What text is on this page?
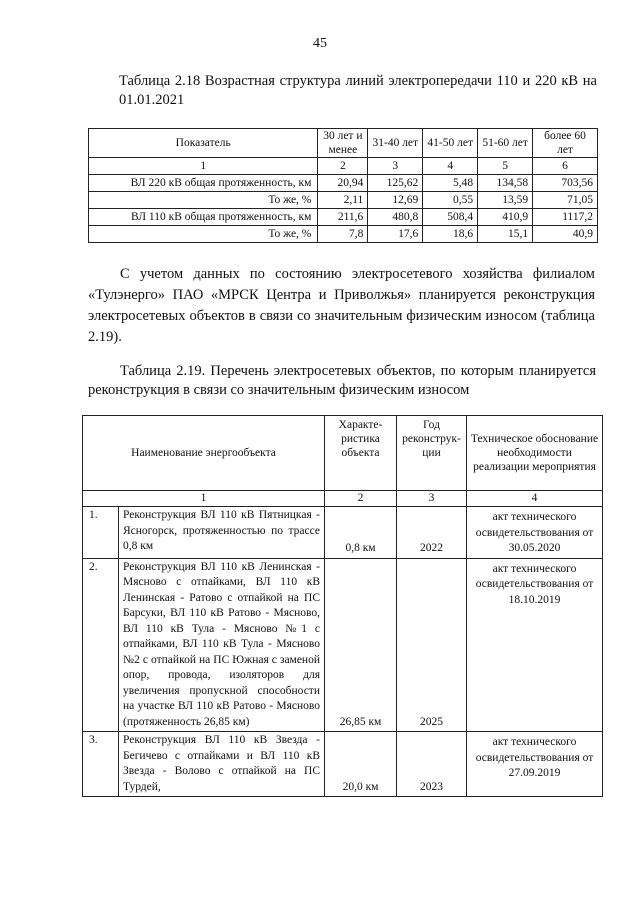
45
Таблица 2.18 Возрастная структура линий электропередачи 110 и 220 кВ на 01.01.2021
Показатель	30 лет и менее	31-40 лет	41-50 лет	51-60 лет	более 60 лет
1	2	3	4	5	6
ВЛ 220 кВ общая протяженность, км	20,94	125,62	5,48	134,58	703,56
То же, %	2,11	12,69	0,55	13,59	71,05
ВЛ 110 кВ общая протяженность, км	211,6	480,8	508,4	410,9	1117,2
То же, %	7,8	17,6	18,6	15,1	40,9
С учетом данных по состоянию электросетевого хозяйства филиалом «Тулэнерго» ПАО «МРСК Центра и Приволжья» планируется реконструкция электросетевых объектов в связи со значительным физическим износом (таблица 2.19).
Таблица 2.19. Перечень электросетевых объектов, по которым планируется реконструкция в связи со значительным физическим износом
Наименование энергообъекта		Характе-ристика объекта	Год реконструк-ции	Техническое обоснование необходимости реализации мероприятия
1		2	3	4
1.	Реконструкция ВЛ 110 кВ Пятницкая - Ясногорск, протяженностью по трассе 0,8 км	0,8 км	2022	акт технического освидетельствования от 30.05.2020
2.	Реконструкция ВЛ 110 кВ Ленинская - Мясново с отпайками, ВЛ 110 кВ Ленинская - Ратово с отпайкой на ПС Барсуки, ВЛ 110 кВ Ратово - Мясново, ВЛ 110 кВ Тула - Мясново №1 с отпайками, ВЛ 110 кВ Тула - Мясново №2 с отпайкой на ПС Южная с заменой опор, провода, изоляторов для увеличения пропускной способности на участке ВЛ 110 кВ Ратово - Мясново (протяженность 26,85 км)	26,85 км	2025	акт технического освидетельствования от 18.10.2019
3.	Реконструкция ВЛ 110 кВ Звезда - Бегичево с отпайками и ВЛ 110 кВ Звезда - Волово с отпайкой на ПС Турдей,	20,0 км	2023	акт технического освидетельствования от 27.09.2019
